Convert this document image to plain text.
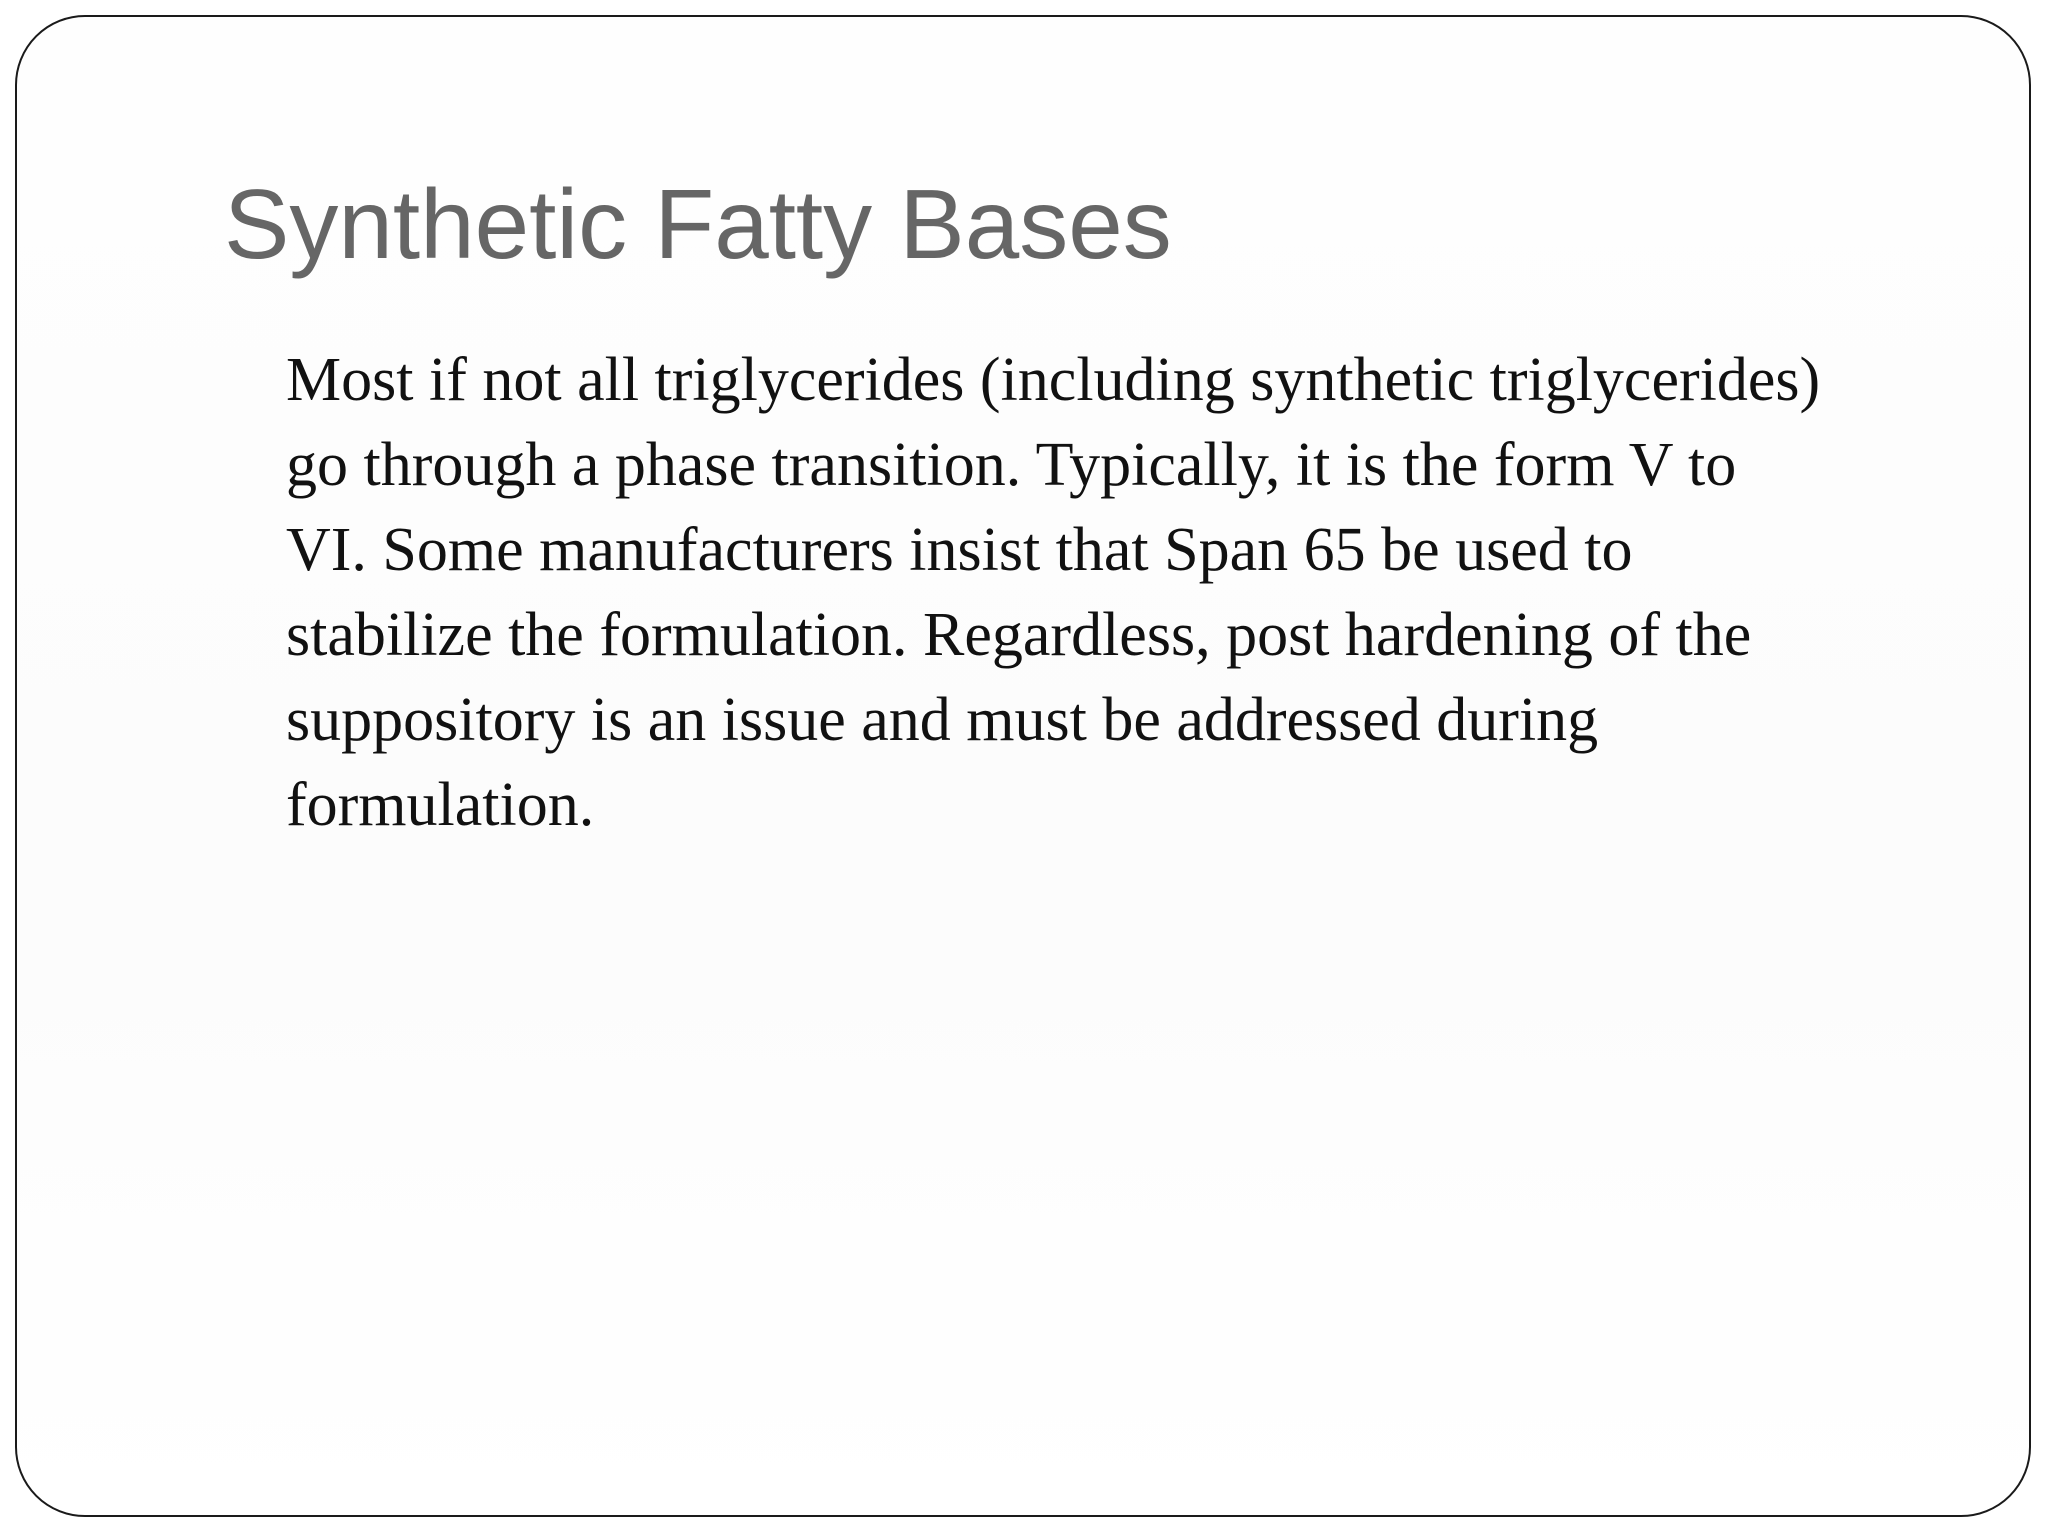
Synthetic Fatty Bases

Most if not all triglycerides (including synthetic triglycerides)
go through a phase transition. Typically, it is the form V to
VI. Some manufacturers insist that Span 65 be used to
stabilize the formulation. Regardless, post hardening of the
suppository is an issue and must be addressed during
formulation.
